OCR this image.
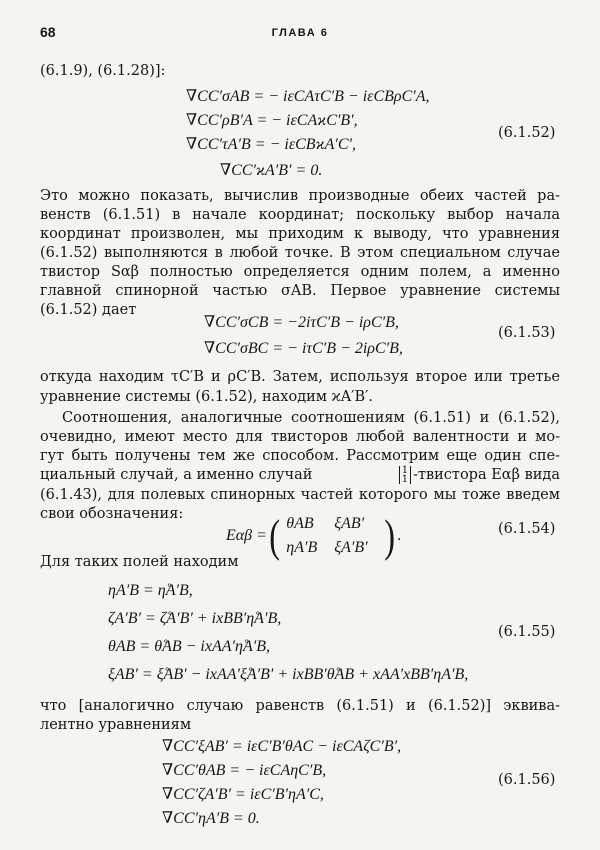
68	ГЛАВА 6
(6.1.9), (6.1.28)]:
∇CC′σAB = − iεCAτC′B − iεCBρC′A,
∇CC′ρB′A = − iεCAϰC′B′,
∇CC′τA′B = − iεCBϰA′C′,
∇CC′ϰA′B′ = 0.
(6.1.52)
Это можно показать, вычислив производные обеих частей ра-
венств (6.1.51) в начале координат; поскольку выбор начала
координат произволен, мы приходим к выводу, что уравнения
(6.1.52) выполняются в любой точке. В этом специальном случае
твистор Sαβ полностью определяется одним полем, а именно
главной спинорной частью σAB. Первое уравнение системы
(6.1.52) дает
∇CC′σCB = −2iτC′B − iρC′B,
∇CC′σBC = − iτC′B − 2iρC′B,
(6.1.53)
откуда находим τC′B и ρC′B. Затем, используя второе или третье
уравнение системы (6.1.52), находим ϰA′B′.
Соотношения, аналогичные соотношениям (6.1.51) и (6.1.52),
очевидно, имеют место для твисторов любой валентности и мо-
гут быть получены тем же способом. Рассмотрим еще один спе-
циальный случай, а именно случай	1
1 -твистора Eαβ вида
(6.1.43), для полевых спинорных частей которого мы тоже введем
свои обозначения:
Eαβ = ( θAB	ξAB′
ηA′B	ξA′B′ ) .	(6.1.54)
Для таких полей находим
ηA′B = η̊A′B,
ζA′B′ = ζ̊A′B′ + ixBB′η̊A′B,
θAB = θ̊AB − ixAA′η̊A′B,
ξAB′ = ξ̊AB′ − ixAA′ξ̊A′B′ + ixBB′θ̊AB + xAA′xBB′ηA′B,
(6.1.55)
что [аналогично случаю равенств (6.1.51) и (6.1.52)] эквива-
лентно уравнениям
∇CC′ξAB′ = iεC′B′θAC − iεCAζC′B′,
∇CC′θAB = − iεCAηC′B,
∇CC′ζA′B′ = iεC′B′ηA′C,
∇CC′ηA′B = 0.
(6.1.56)
